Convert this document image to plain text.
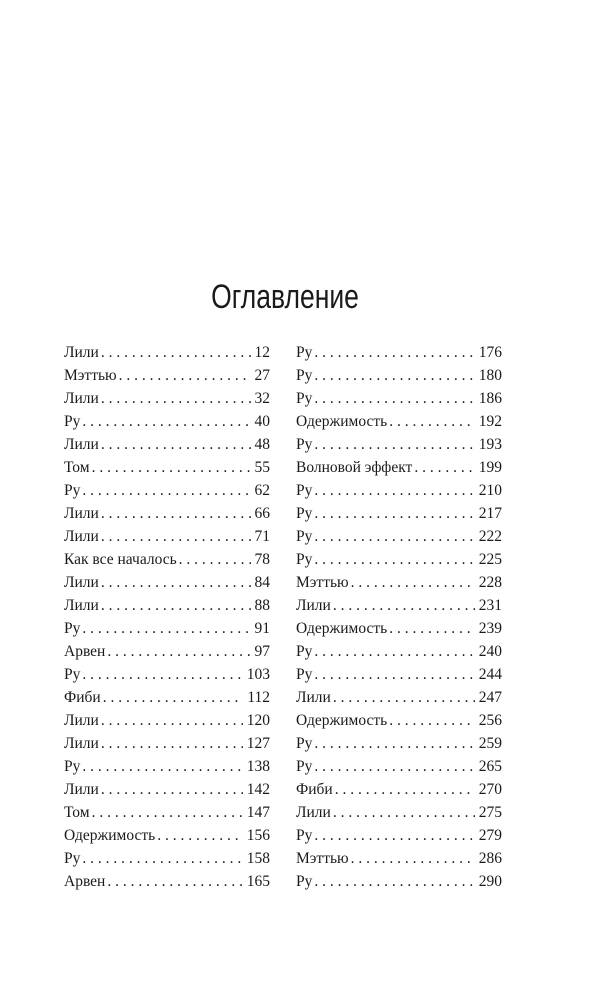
Оглавление
Лили . . .	12
Мэттью . . .	27
Лили . . .	32
Ру . . .	40
Лили . . .	48
Том . . .	55
Ру . . .	62
Лили . . .	66
Лили . . .	71
Как все началось . . .	78
Лили . . .	84
Лили . . .	88
Ру . . .	91
Арвен . . .	97
Ру . . .	103
Фиби . . .	112
Лили . . .	120
Лили . . .	127
Ру . . .	138
Лили . . .	142
Том . . .	147
Одержимость . . .	156
Ру . . .	158
Арвен . . .	165
Ру . . .	176
Ру . . .	180
Ру . . .	186
Одержимость . . .	192
Ру . . .	193
Волновой эффект . . .	199
Ру . . .	210
Ру . . .	217
Ру . . .	222
Ру . . .	225
Мэттью . . .	228
Лили . . .	231
Одержимость . . .	239
Ру . . .	240
Ру . . .	244
Лили . . .	247
Одержимость . . .	256
Ру . . .	259
Ру . . .	265
Фиби . . .	270
Лили . . .	275
Ру . . .	279
Мэттью . . .	286
Ру . . .	290
